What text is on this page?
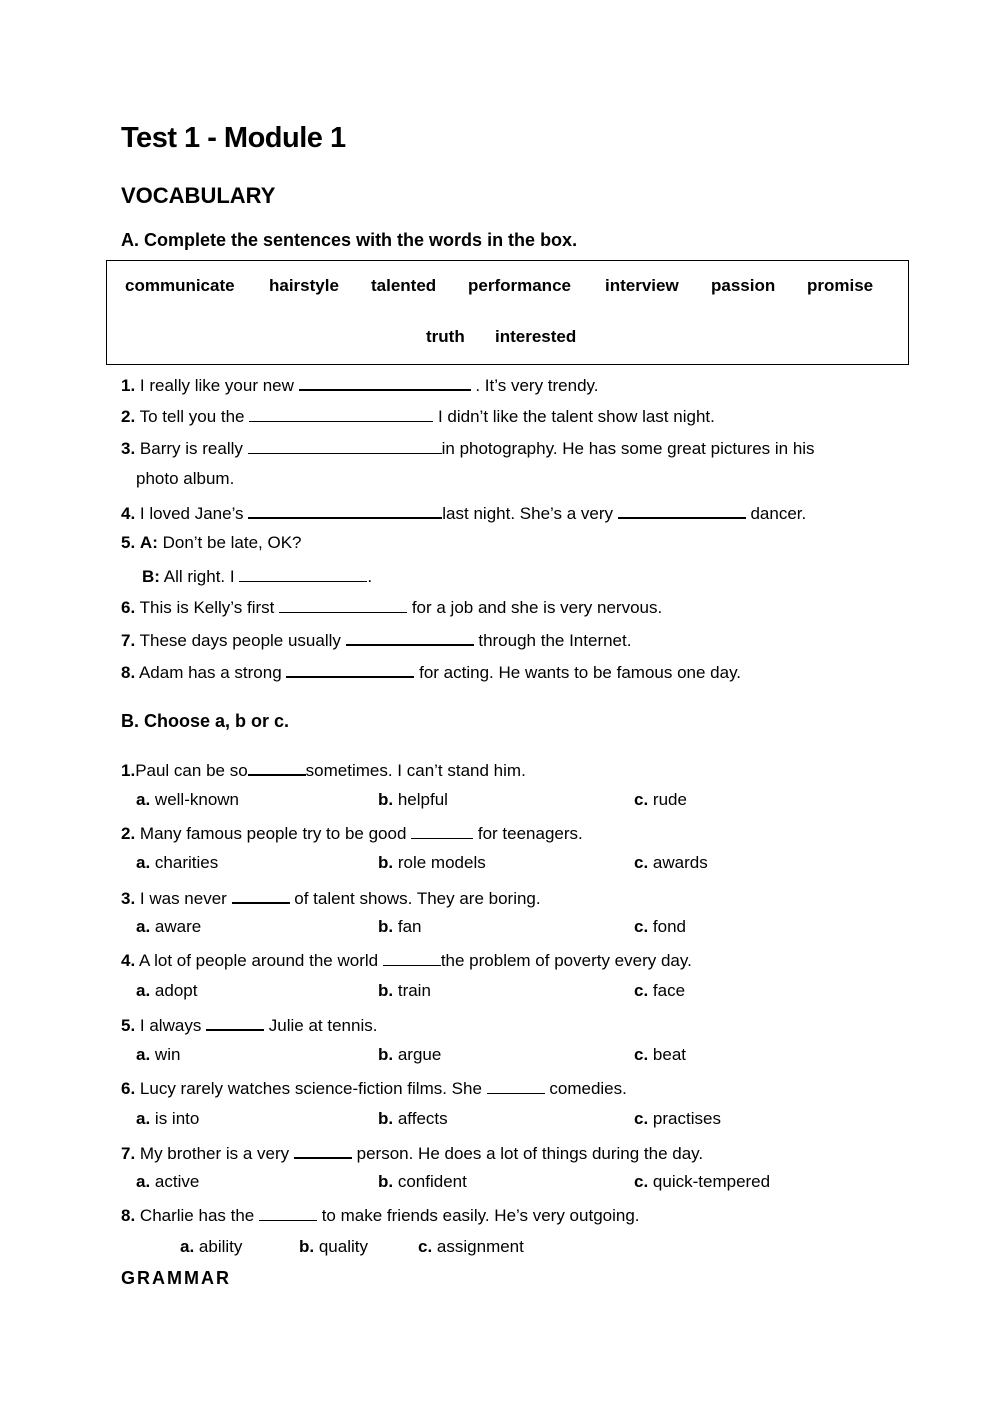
Test 1 - Module 1
VOCABULARY
A. Complete the sentences with the words in the box.
communicate hairstyle talented performance interview passion promise
truth interested
1. I really like your new	. It’s very trendy.
2. To tell you the	I didn’t like the talent show last night.
3. Barry is really	in photography. He has some great pictures in his
photo album.
4. I loved Jane’s	last night. She’s a very	dancer.
5. A: Don’t be late, OK?
B: All right. I	.
6. This is Kelly’s first	for a job and she is very nervous.
7. These days people usually	through the Internet.
8. Adam has a strong	for acting. He wants to be famous one day.
B. Choose a, b or c.
1.Paul can be so	sometimes. I can’t stand him.
a. well-known	b. helpful	c. rude
2. Many famous people try to be good	for teenagers.
a. charities	b. role models	c. awards
3. I was never	of talent shows. They are boring.
a. aware	b. fan	c. fond
4. A lot of people around the world	the problem of poverty every day.
a. adopt	b. train	c. face
5. I always	Julie at tennis.
a. win	b. argue	c. beat
6. Lucy rarely watches science-fiction films. She	comedies.
a. is into	b. affects	c. practises
7. My brother is a very	person. He does a lot of things during the day.
a. active	b. confident	c. quick-tempered
8. Charlie has the	to make friends easily. He’s very outgoing.
a. ability	b. quality	c. assignment
GRAMMAR
